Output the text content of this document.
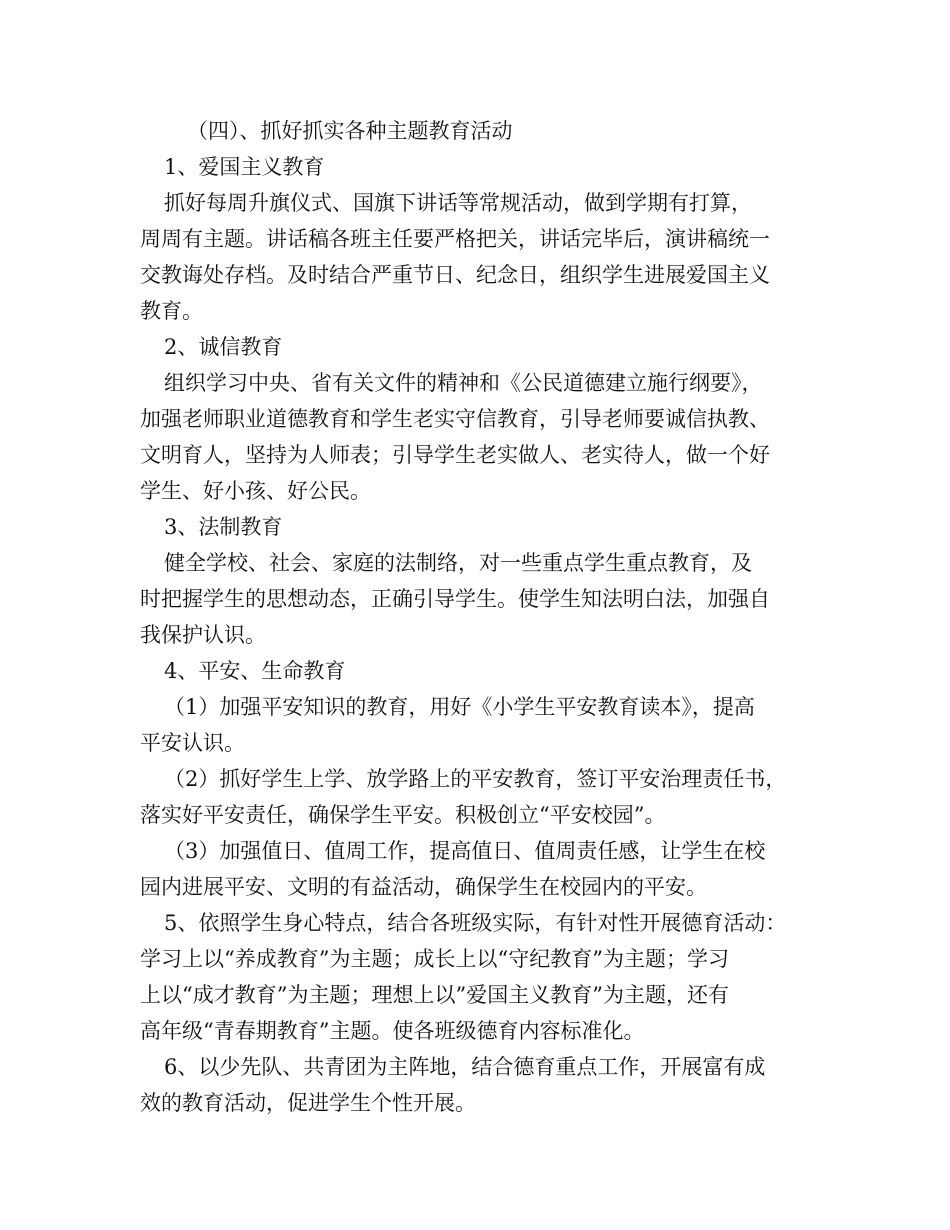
（四）、抓好抓实各种主题教育活动
1、爱国主义教育
抓好每周升旗仪式、国旗下讲话等常规活动，做到学期有打算，
周周有主题。讲话稿各班主任要严格把关，讲话完毕后，演讲稿统一
交教诲处存档。及时结合严重节日、纪念日，组织学生进展爱国主义
教育。
2、诚信教育
组织学习中央、省有关文件的精神和《公民道德建立施行纲要》，
加强老师职业道德教育和学生老实守信教育，引导老师要诚信执教、
文明育人，坚持为人师表；引导学生老实做人、老实待人，做一个好
学生、好小孩、好公民。
3、法制教育
健全学校、社会、家庭的法制络，对一些重点学生重点教育，及
时把握学生的思想动态，正确引导学生。使学生知法明白法，加强自
我保护认识。
4、平安、生命教育
（1）加强平安知识的教育，用好《小学生平安教育读本》，提高
平安认识。
（2）抓好学生上学、放学路上的平安教育，签订平安治理责任书，
落实好平安责任，确保学生平安。积极创立“平安校园”。
（3）加强值日、值周工作，提高值日、值周责任感，让学生在校
园内进展平安、文明的有益活动，确保学生在校园内的平安。
5、依照学生身心特点，结合各班级实际，有针对性开展德育活动：
学习上以“养成教育”为主题；成长上以“守纪教育”为主题；学习
上以“成才教育”为主题；理想上以”爱国主义教育”为主题，还有
高年级“青春期教育”主题。使各班级德育内容标准化。
6、以少先队、共青团为主阵地，结合德育重点工作，开展富有成
效的教育活动，促进学生个性开展。
